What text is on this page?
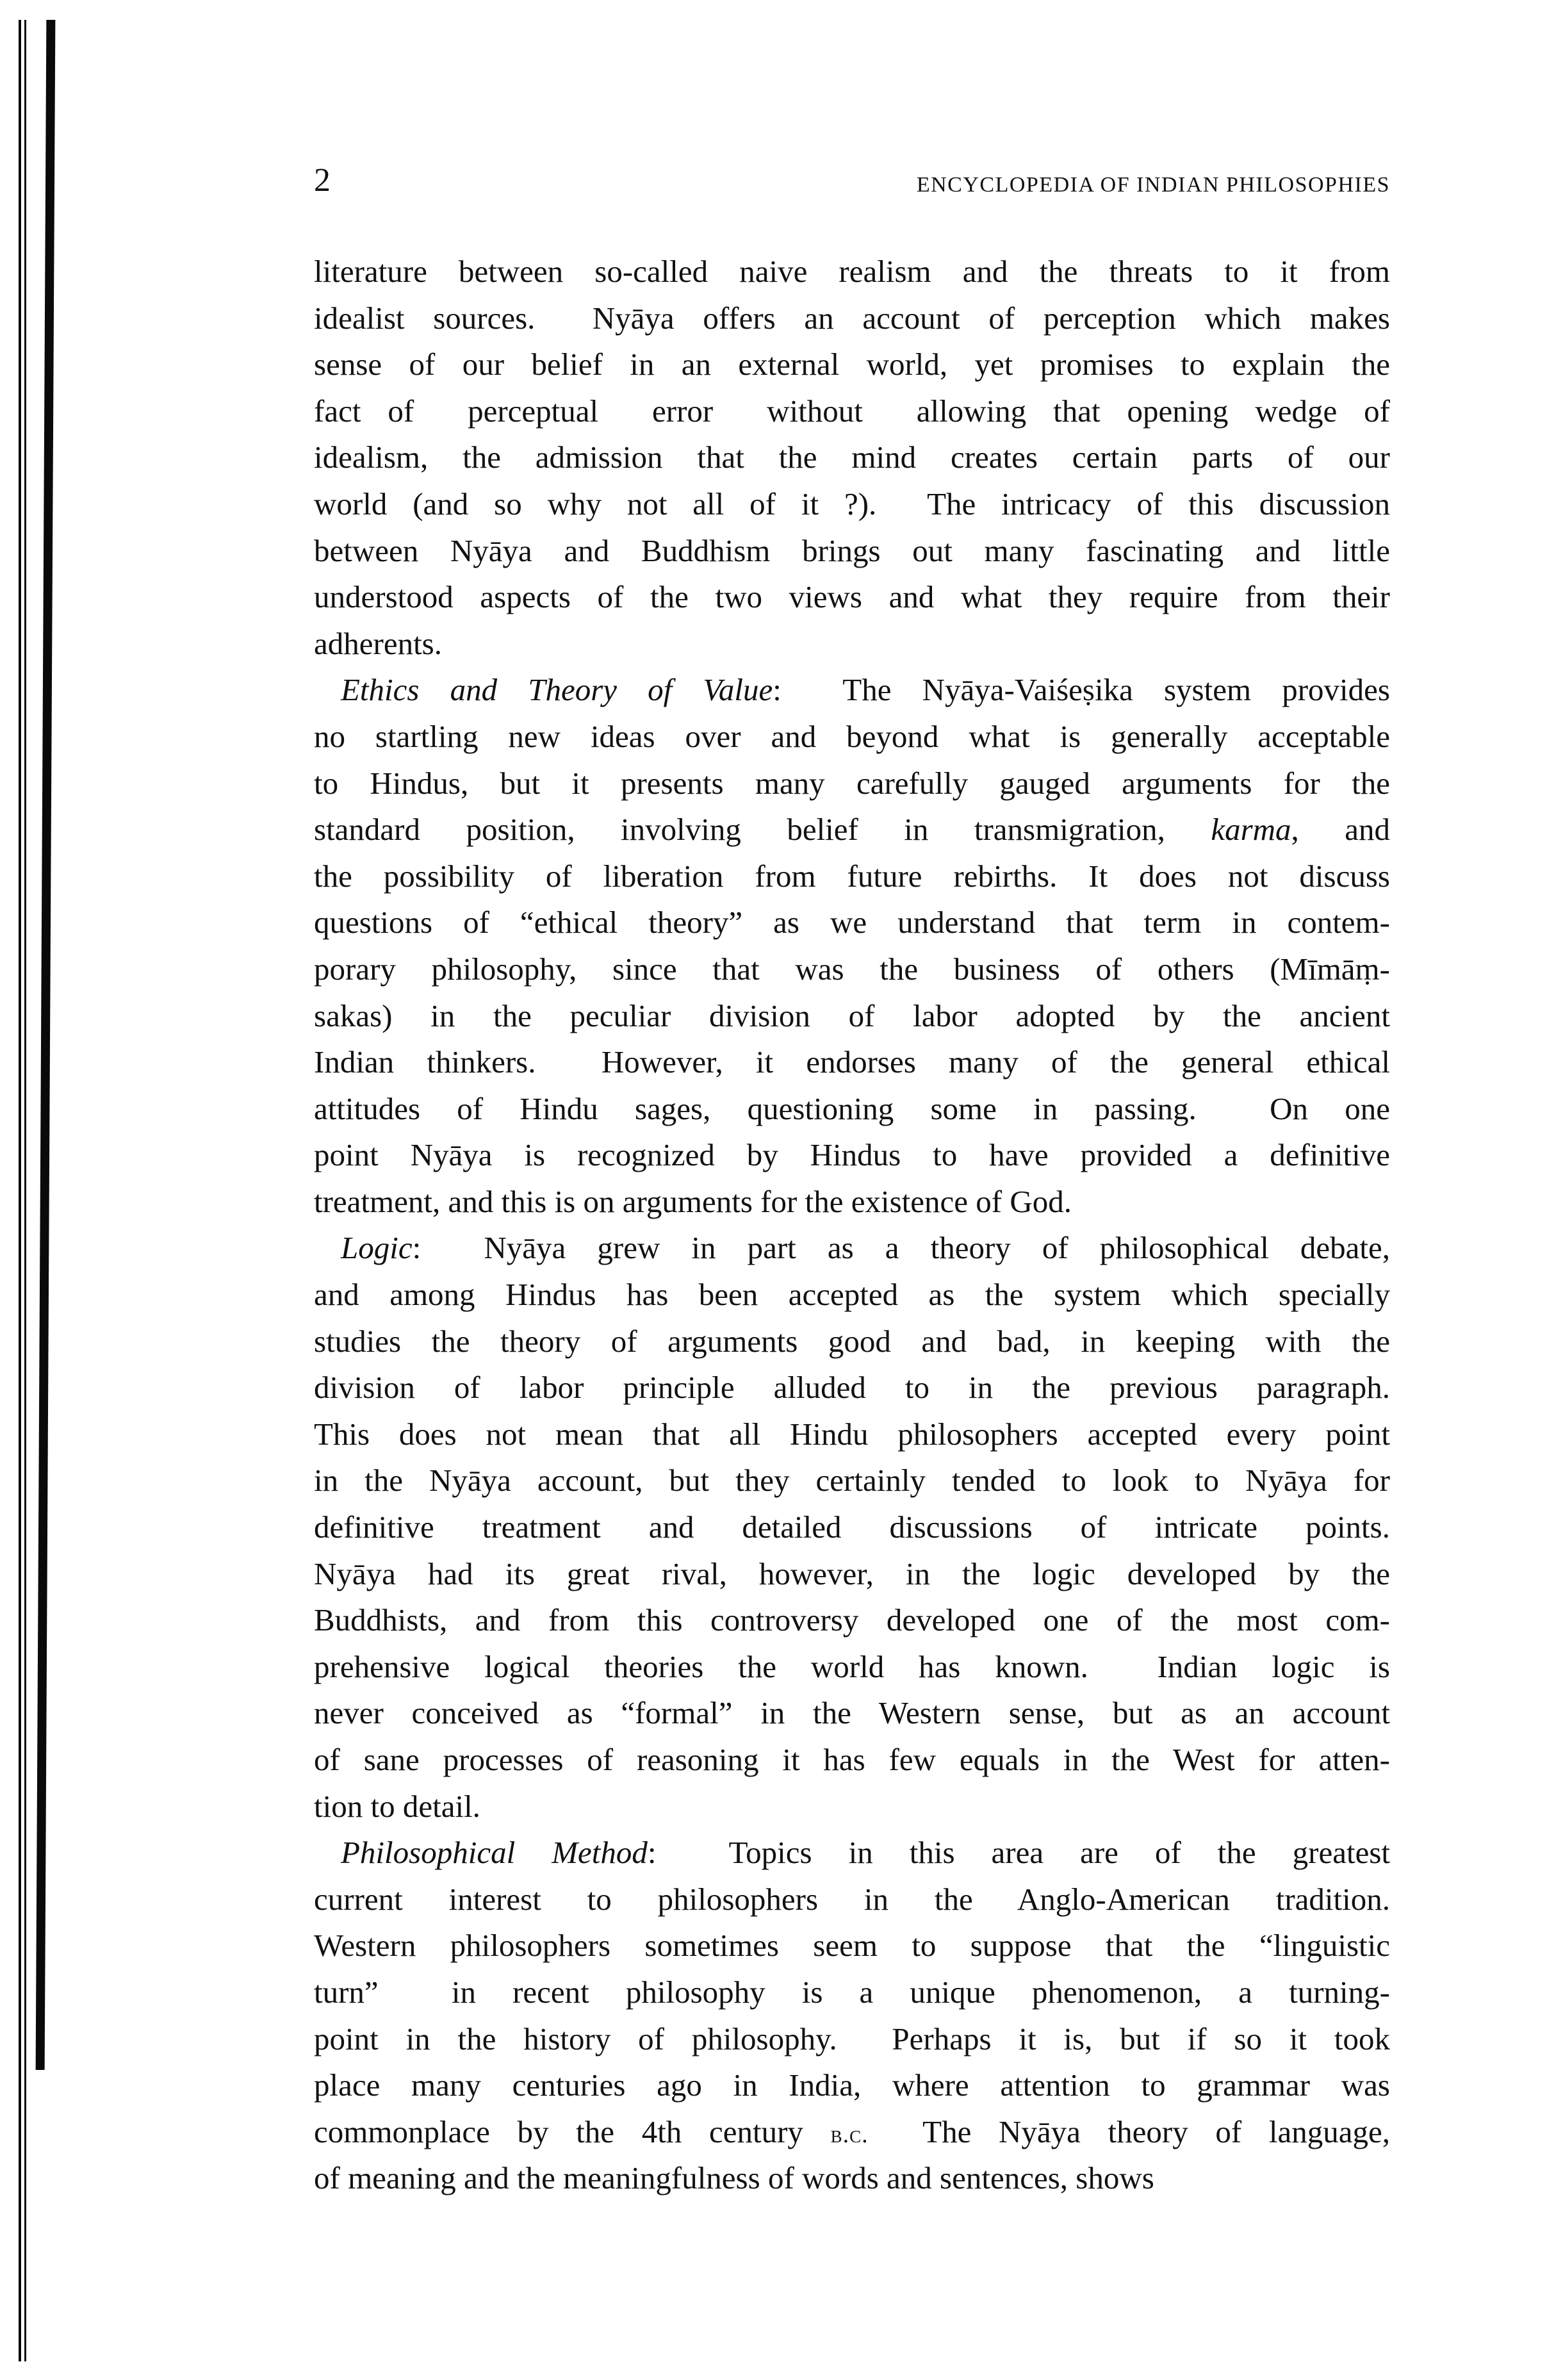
2	ENCYCLOPEDIA OF INDIAN PHILOSOPHIES
literature between so-called naive realism and the threats to it from
idealist sources.  Nyāya offers an account of perception which makes
sense of our belief in an external world, yet promises to explain the
fact of  perceptual  error  without  allowing that opening wedge of
idealism, the admission that the mind creates certain parts of our
world (and so why not all of it ?).  The intricacy of this discussion
between Nyāya and Buddhism brings out many fascinating and little
understood aspects of the two views and what they require from their
adherents.
Ethics and Theory of Value:  The Nyāya-Vaiśeṣika system provides
no startling new ideas over and beyond what is generally acceptable
to Hindus, but it presents many carefully gauged arguments for the
standard position, involving belief in transmigration, karma, and
the possibility of liberation from future rebirths. It does not discuss
questions of “ethical theory” as we understand that term in contem-
porary philosophy, since that was the business of others (Mīmāṃ-
sakas) in the peculiar division of labor adopted by the ancient
Indian thinkers.  However, it endorses many of the general ethical
attitudes of Hindu sages, questioning some in passing.  On one
point Nyāya is recognized by Hindus to have provided a definitive
treatment, and this is on arguments for the existence of God.
Logic:  Nyāya grew in part as a theory of philosophical debate,
and among Hindus has been accepted as the system which specially
studies the theory of arguments good and bad, in keeping with the
division of labor principle alluded to in the previous paragraph.
This does not mean that all Hindu philosophers accepted every point
in the Nyāya account, but they certainly tended to look to Nyāya for
definitive treatment and detailed discussions of intricate points.
Nyāya had its great rival, however, in the logic developed by the
Buddhists, and from this controversy developed one of the most com-
prehensive logical theories the world has known.  Indian logic is
never conceived as “formal” in the Western sense, but as an account
of sane processes of reasoning it has few equals in the West for atten-
tion to detail.
Philosophical Method:  Topics in this area are of the greatest
current interest to philosophers in the Anglo-American tradition.
Western philosophers sometimes seem to suppose that the “linguistic
turn”  in recent philosophy is a unique phenomenon, a turning-
point in the history of philosophy.  Perhaps it is, but if so it took
place many centuries ago in India, where attention to grammar was
commonplace by the 4th century b.c.  The Nyāya theory of language,
of meaning and the meaningfulness of words and sentences, shows
